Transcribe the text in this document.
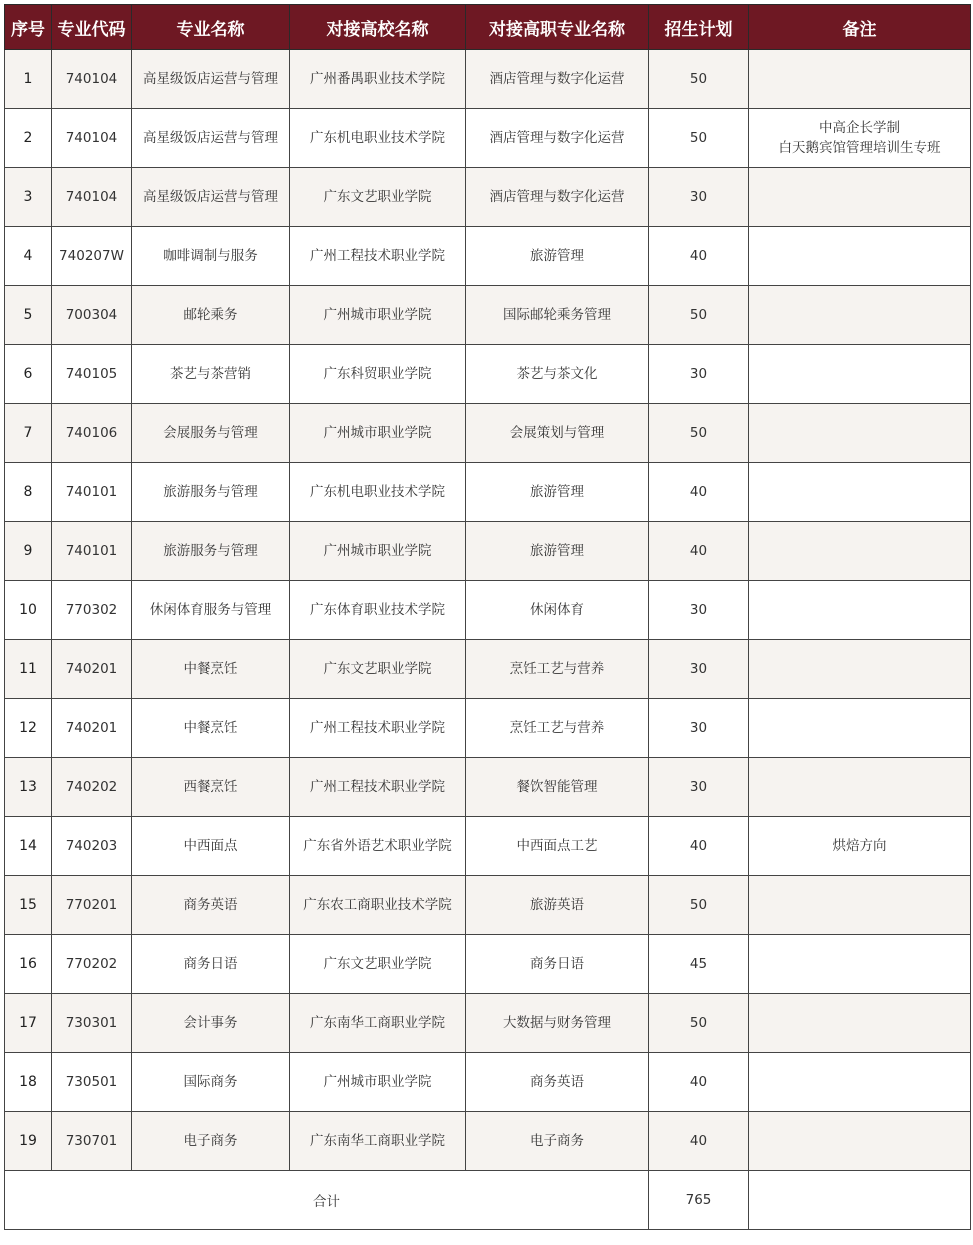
序号	专业代码	专业名称	对接高校名称	对接高职专业名称	招生计划	备注
1	740104	高星级饭店运营与管理	广州番禺职业技术学院	酒店管理与数字化运营	50	

2	740104	高星级饭店运营与管理	广东机电职业技术学院	酒店管理与数字化运营	50	中高企长学制
白天鹅宾馆管理培训生专班

3	740104	高星级饭店运营与管理	广东文艺职业学院	酒店管理与数字化运营	30	

4	740207W	咖啡调制与服务	广州工程技术职业学院	旅游管理	40	

5	700304	邮轮乘务	广州城市职业学院	国际邮轮乘务管理	50	

6	740105	茶艺与茶营销	广东科贸职业学院	茶艺与茶文化	30	

7	740106	会展服务与管理	广州城市职业学院	会展策划与管理	50	

8	740101	旅游服务与管理	广东机电职业技术学院	旅游管理	40	

9	740101	旅游服务与管理	广州城市职业学院	旅游管理	40	

10	770302	休闲体育服务与管理	广东体育职业技术学院	休闲体育	30	

11	740201	中餐烹饪	广东文艺职业学院	烹饪工艺与营养	30	

12	740201	中餐烹饪	广州工程技术职业学院	烹饪工艺与营养	30	

13	740202	西餐烹饪	广州工程技术职业学院	餐饮智能管理	30	

14	740203	中西面点	广东省外语艺术职业学院	中西面点工艺	40	烘焙方向

15	770201	商务英语	广东农工商职业技术学院	旅游英语	50	

16	770202	商务日语	广东文艺职业学院	商务日语	45	

17	730301	会计事务	广东南华工商职业学院	大数据与财务管理	50	

18	730501	国际商务	广州城市职业学院	商务英语	40	

19	730701	电子商务	广东南华工商职业学院	电子商务	40	

合计					765	
